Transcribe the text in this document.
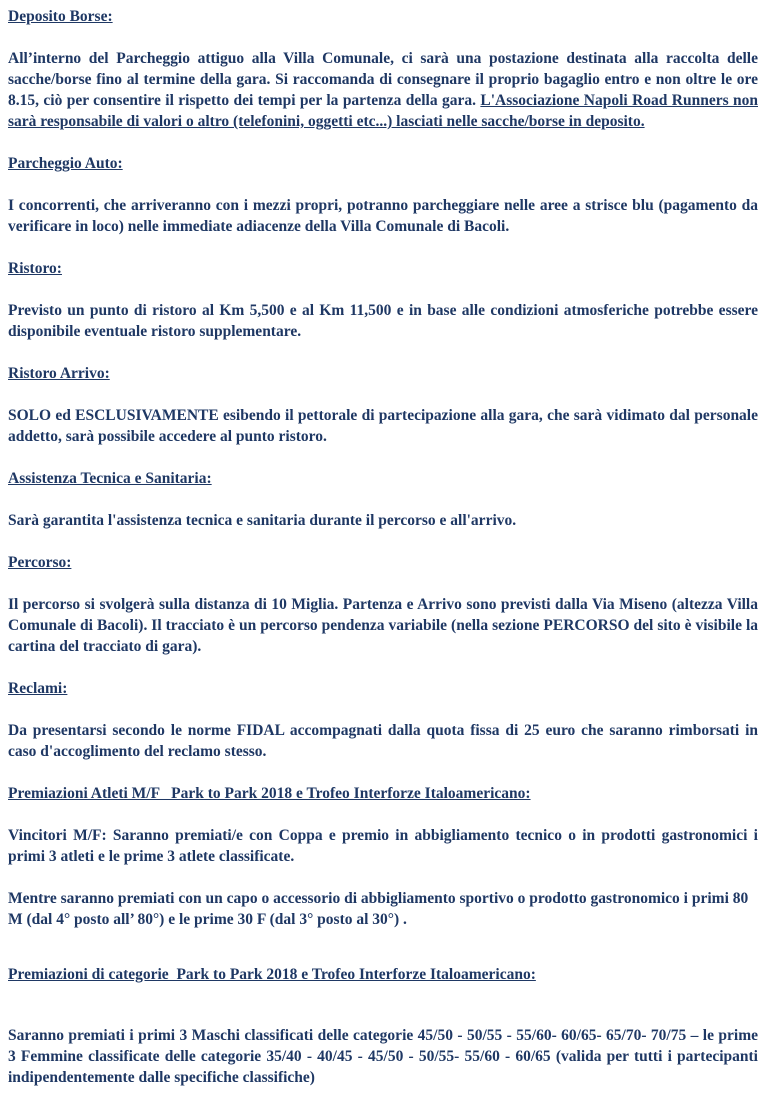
Deposito Borse:

All’interno del Parcheggio attiguo alla Villa Comunale, ci sarà una postazione destinata alla raccolta delle sacche/borse fino al termine della gara. Si raccomanda di consegnare il proprio bagaglio entro e non oltre le ore 8.15, ciò per consentire il rispetto dei tempi per la partenza della gara. L'Associazione Napoli Road Runners non sarà responsabile di valori o altro (telefonini, oggetti etc...) lasciati nelle sacche/borse in deposito.

Parcheggio Auto:

I concorrenti, che arriveranno con i mezzi propri, potranno parcheggiare nelle aree a strisce blu (pagamento da verificare in loco) nelle immediate adiacenze della Villa Comunale di Bacoli.

Ristoro:

Previsto un punto di ristoro al Km 5,500 e al Km 11,500 e in base alle condizioni atmosferiche potrebbe essere disponibile eventuale ristoro supplementare.

Ristoro Arrivo:

SOLO ed ESCLUSIVAMENTE esibendo il pettorale di partecipazione alla gara, che sarà vidimato dal personale addetto, sarà possibile accedere al punto ristoro.

Assistenza Tecnica e Sanitaria:

Sarà garantita l'assistenza tecnica e sanitaria durante il percorso e all'arrivo.

Percorso:

Il percorso si svolgerà sulla distanza di 10 Miglia. Partenza e Arrivo sono previsti dalla Via Miseno (altezza Villa Comunale di Bacoli). Il tracciato è un percorso pendenza variabile (nella sezione PERCORSO del sito è visibile la cartina del tracciato di gara).

Reclami:

Da presentarsi secondo le norme FIDAL accompagnati dalla quota fissa di 25 euro che saranno rimborsati in caso d'accoglimento del reclamo stesso.

Premiazioni Atleti M/F   Park to Park 2018 e Trofeo Interforze Italoamericano:

Vincitori M/F: Saranno premiati/e con Coppa e premio in abbigliamento tecnico o in prodotti gastronomici i primi 3 atleti e le prime 3 atlete classificate.

Mentre saranno premiati con un capo o accessorio di abbigliamento sportivo o prodotto gastronomico i primi 80 M (dal 4° posto all’ 80°) e le prime 30 F (dal 3° posto al 30°) .

Premiazioni di categorie  Park to Park 2018 e Trofeo Interforze Italoamericano:

Saranno premiati i primi 3 Maschi classificati delle categorie 45/50 - 50/55 - 55/60- 60/65- 65/70- 70/75 – le prime 3 Femmine classificate delle categorie 35/40 - 40/45 - 45/50 - 50/55- 55/60 - 60/65 (valida per tutti i partecipanti indipendentemente dalle specifiche classifiche)
